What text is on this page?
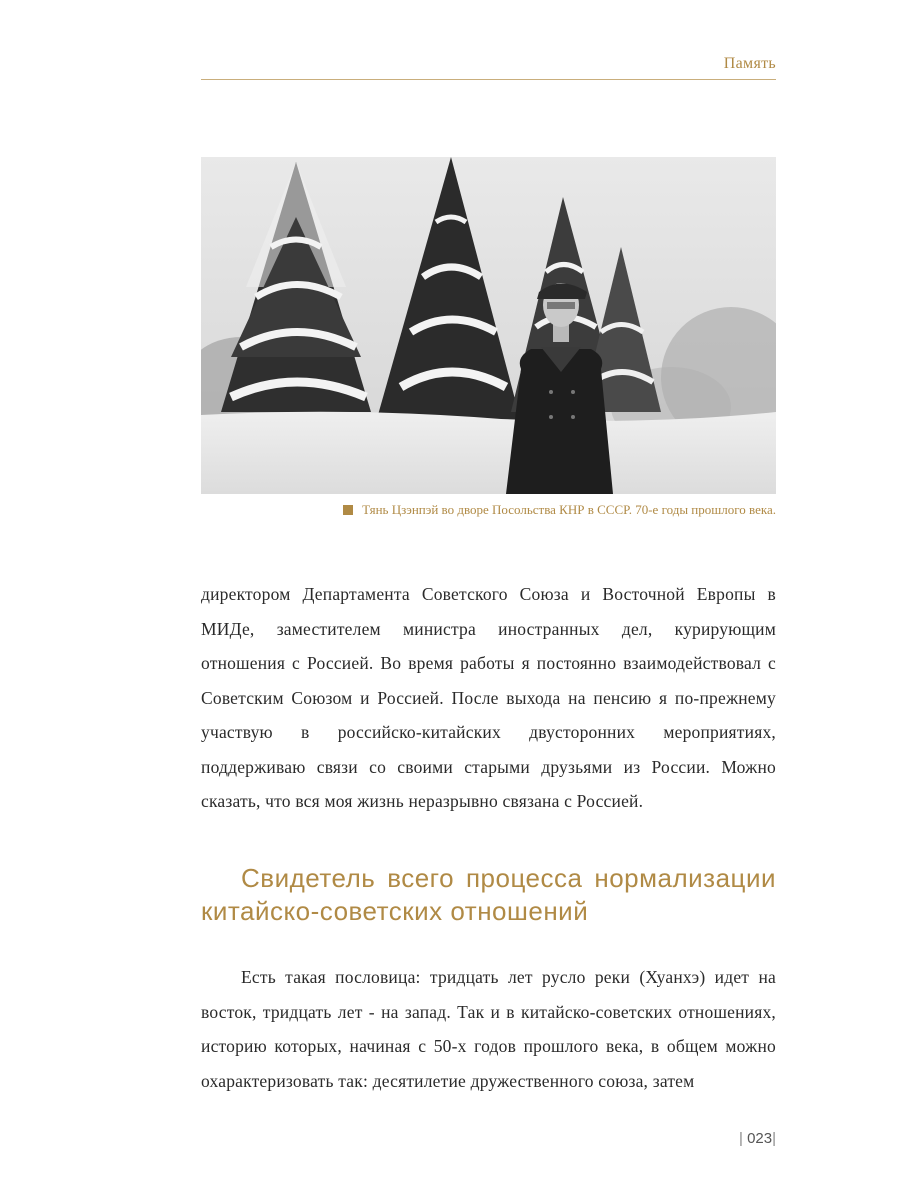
Память
Тянь Цзэнпэй во дворе Посольства КНР в СССР. 70-е годы прошлого века.
директором Департамента Советского Союза и Восточной Европы в МИДе, заместителем министра иностранных дел, курирующим отношения с Россией. Во время работы я постоянно взаимодействовал с Советским Союзом и Россией. После выхода на пенсию я по-прежнему участвую в российско-китайских двусторонних мероприятиях, поддерживаю связи со своими старыми друзьями из России. Можно сказать, что вся моя жизнь неразрывно связана с Россией.
Свидетель всего процесса нормализации китайско-советских отношений
Есть такая пословица: тридцать лет русло реки (Хуанхэ) идет на восток, тридцать лет - на запад. Так и в китайско-советских отношениях, историю которых, начиная с 50-х годов прошлого века, в общем можно охарактеризовать так: десятилетие дружественного союза, затем
| 023|
